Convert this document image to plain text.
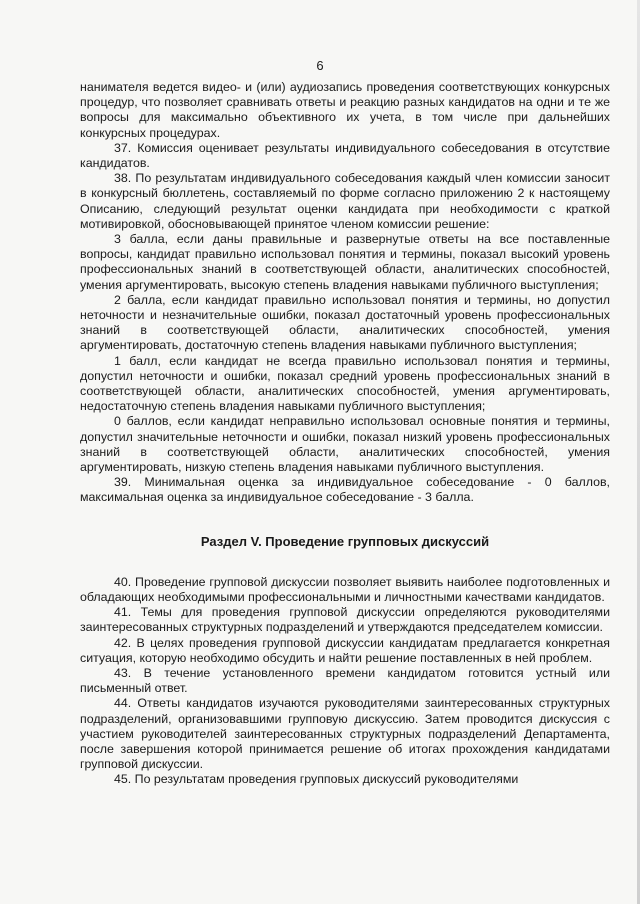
6

нанимателя ведется видео- и (или) аудиозапись проведения соответствующих конкурсных процедур, что позволяет сравнивать ответы и реакцию разных кандидатов на одни и те же вопросы для максимально объективного их учета, в том числе при дальнейших конкурсных процедурах.

37. Комиссия оценивает результаты индивидуального собеседования в отсутствие кандидатов.

38. По результатам индивидуального собеседования каждый член комиссии заносит в конкурсный бюллетень, составляемый по форме согласно приложению 2 к настоящему Описанию, следующий результат оценки кандидата при необходимости с краткой мотивировкой, обосновывающей принятое членом комиссии решение:

3 балла, если даны правильные и развернутые ответы на все поставленные вопросы, кандидат правильно использовал понятия и термины, показал высокий уровень профессиональных знаний в соответствующей области, аналитических способностей, умения аргументировать, высокую степень владения навыками публичного выступления;

2 балла, если кандидат правильно использовал понятия и термины, но допустил неточности и незначительные ошибки, показал достаточный уровень профессиональных знаний в соответствующей области, аналитических способностей, умения аргументировать, достаточную степень владения навыками публичного выступления;

1 балл, если кандидат не всегда правильно использовал понятия и термины, допустил неточности и ошибки, показал средний уровень профессиональных знаний в соответствующей области, аналитических способностей, умения аргументировать, недостаточную степень владения навыками публичного выступления;

0 баллов, если кандидат неправильно использовал основные понятия и термины, допустил значительные неточности и ошибки, показал низкий уровень профессиональных знаний в соответствующей области, аналитических способностей, умения аргументировать, низкую степень владения навыками публичного выступления.

39. Минимальная оценка за индивидуальное собеседование - 0 баллов, максимальная оценка за индивидуальное собеседование - 3 балла.

Раздел V. Проведение групповых дискуссий

40. Проведение групповой дискуссии позволяет выявить наиболее подготовленных и обладающих необходимыми профессиональными и личностными качествами кандидатов.

41. Темы для проведения групповой дискуссии определяются руководителями заинтересованных структурных подразделений и утверждаются председателем комиссии.

42. В целях проведения групповой дискуссии кандидатам предлагается конкретная ситуация, которую необходимо обсудить и найти решение поставленных в ней проблем.

43. В течение установленного времени кандидатом готовится устный или письменный ответ.

44. Ответы кандидатов изучаются руководителями заинтересованных структурных подразделений, организовавшими групповую дискуссию. Затем проводится дискуссия с участием руководителей заинтересованных структурных подразделений Департамента, после завершения которой принимается решение об итогах прохождения кандидатами групповой дискуссии.

45. По результатам проведения групповых дискуссий руководителями
